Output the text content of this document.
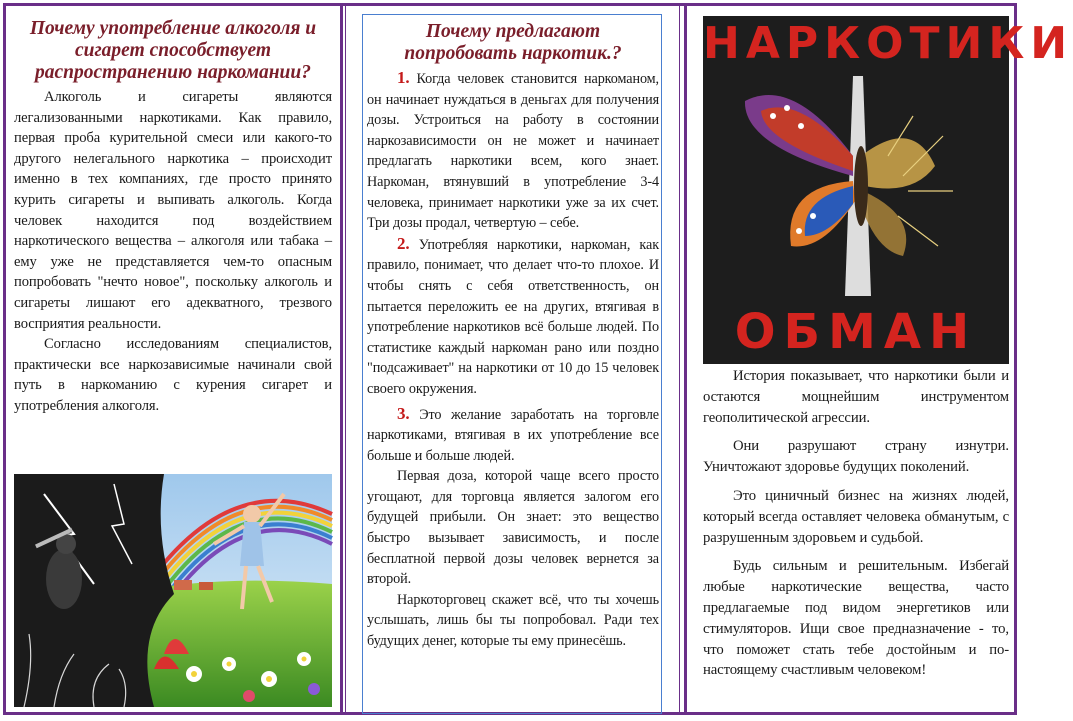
Почему употребление алкоголя и сигарет способствует распространению наркомании?

Алкоголь и сигареты являются легализованными наркотиками. Как правило, первая проба курительной смеси или какого-то другого нелегального наркотика – происходит именно в тех компаниях, где просто принято курить сигареты и выпивать алкоголь. Когда человек находится под воздействием наркотического вещества – алкоголя или табака – ему уже не представляется чем-то опасным попробовать "нечто новое", поскольку алкоголь и сигареты лишают его адекватного, трезвого восприятия реальности.

Согласно исследованиям специалистов, практически все наркозависимые начинали свой путь в наркоманию с курения сигарет и употребления алкоголя.

Почему предлагают попробовать наркотик.?

1. Когда человек становится наркоманом, он начинает нуждаться в деньгах для получения дозы. Устроиться на работу в состоянии наркозависимости он не может и начинает предлагать наркотики всем, кого знает. Наркоман, втянувший в употребление 3-4 человека, принимает наркотики уже за их счет. Три дозы продал, четвертую – себе.

2. Употребляя наркотики, наркоман, как правило, понимает, что делает что-то плохое. И чтобы снять с себя ответственность, он пытается переложить ее на других, втягивая в употребление наркотиков всё больше людей. По статистике каждый наркоман рано или поздно "подсаживает" на наркотики от 10 до 15 человек своего окружения.

3. Это желание заработать на торговле наркотиками, втягивая в их употребление все больше и больше людей.

Первая доза, которой чаще всего просто угощают, для торговца является залогом его будущей прибыли. Он знает: это вещество быстро вызывает зависимость, и после бесплатной первой дозы человек вернется за второй.

Наркоторговец скажет всё, что ты хочешь услышать, лишь бы ты попробовал. Ради тех будущих денег, которые ты ему принесёшь.

НАРКОТИКИ
ОБМАН

История показывает, что наркотики были и остаются мощнейшим инструментом геополитической агрессии.

Они разрушают страну изнутри. Уничтожают здоровье будущих поколений.

Это циничный бизнес на жизнях людей, который всегда оставляет человека обманутым, с разрушенным здоровьем и судьбой.

Будь сильным и решительным. Избегай любые наркотические вещества, часто предлагаемые под видом энергетиков или стимуляторов. Ищи свое предназначение - то, что поможет стать тебе достойным и по-настоящему счастливым человеком!
